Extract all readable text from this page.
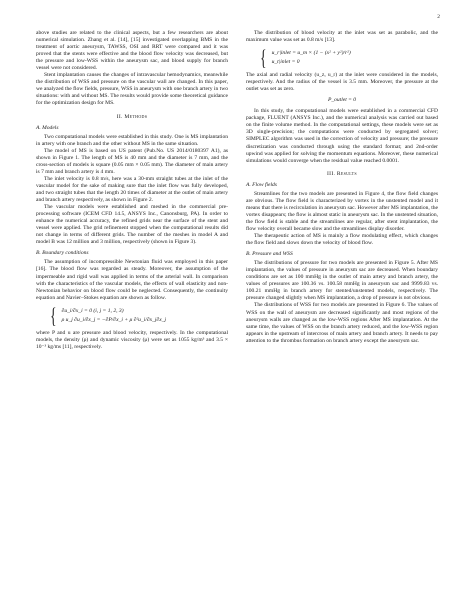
2

above studies are related to the clinical aspects, but a few researchers are about numerical simulation. Zhang et al. [14], [15] investigated overlapping BMS in the treatment of aortic aneurysm, TAWSS, OSI and RRT were compared and it was proved that the stents were effective and the blood flow velocity was decreased, but the pressure and low-WSS within the aneurysm sac, and blood supply for branch vessel were not considered.

Stent implantation causes the changes of intravascular hemodynamics, meanwhile the distribution of WSS and pressure on the vascular wall are changed. In this paper, we analyzed the flow fields, pressure, WSS in aneurysm with one branch artery in two situations: with and without MS. The results would provide some theoretical guidance for the optimization design for MS.

II. Methods
A. Models

Two computational models were established in this study. One is MS implantation in artery with one branch and the other without MS in the same situation.

The model of MS is based on US patent (Pub.No. US 2014/0180397 A1), as shown in Figure 1. The length of MS is 40 mm and the diameter is 7 mm, and the cross-section of models is square (0.05 mm × 0.05 mm). The diameter of main artery is 7 mm and branch artery is 4 mm.

The inlet velocity is 0.8 m/s, here was a 30-mm straight tubes at the inlet of the vascular model for the sake of making sure that the inlet flow was fully developed, and two straight tubes that the length 20 times of diameter at the outlet of main artery and branch artery respectively, as shown in Figure 2.

The vascular models were established and meshed in the commercial pre-processing software (ICEM CFD 14.5, ANSYS Inc., Canonsburg, PA). In order to enhance the numerical accuracy, the refined grids near the surface of the stent and vessel were applied. The grid refinement stopped when the computational results did not change in terms of different grids. The number of the meshes in model A and model B was 12 million and 3 million, respectively (shown in Figure 3).

B. Boundary conditions

The assumption of incompressible Newtonian fluid was employed in this paper [16]. The blood flow was regarded as steady. Moreover, the assumption of the impermeable and rigid wall was applied in terms of the arterial wall. In comparison with the characteristics of the vascular models, the effects of wall elasticity and non-Newtonian behavior on blood flow could be neglected. Consequently, the continuity equation and Navier–Stokes equation are shown as follow.

{ ∂u_i/∂x_i = 0 (i, j = 1, 2, 3)
ρ u_j ∂u_i/∂x_j = −∂P/∂x_i + μ ∂²u_i/∂x_j∂x_j

where P and u are pressure and blood velocity, respectively. In the computational models, the density (ρ) and dynamic viscosity (μ) were set as 1055 kg/m³ and 3.5 × 10⁻³ kg/ms [11], respectively.

The distribution of blood velocity at the inlet was set as parabolic, and the maximum value was set as 0.8 m/s [13].

{ u_r|inlet = u_m × (1 − (x² + y²)/r²)
u_t|inlet = 0

The axial and radial velocity (u_z, u_r) at the inlet were considered in the models, respectively. And the radius of the vessel is 3.5 mm. Moreover, the pressure at the outlet was set as zero.

P_outlet = 0

In this study, the computational models were established in a commercial CFD package, FLUENT (ANSYS Inc.), and the numerical analysis was carried out based on the finite volume method. In the computational settings, these models were set as 3D single-precision; the computations were conducted by segregated solver; SIMPLEC algorithm was used in the correction of velocity and pressure; the pressure discretization was conducted through using the standard format; and 2nd-order upwind was applied for solving the momentum equations. Moreover, these numerical simulations would converge when the residual value reached 0.0001.

III. Results
A. Flow fields

Streamlines for the two models are presented in Figure 4, the flow field changes are obvious. The flow field is characterized by vortex in the unstented model and it means that there is recirculation in aneurysm sac. However after MS implantation, the vortex disappears; the flow is almost static in aneurysm sac. In the unstented situation, the flow field is stable and the streamlines are regular, after stent implantation, the flow velocity overall became slow and the streamlines display disorder.

The therapeutic action of MS is mainly a flow modulating effect, which changes the flow field and slows down the velocity of blood flow.

B. Pressure and WSS

The distributions of pressure for two models are presented in Figure 5. After MS implantation, the values of pressure in aneurysm sac are decreased. When boundary conditions are set as 100 mmHg in the outlet of main artery and branch artery, the values of pressures are 100.36 vs. 100.58 mmHg in aneurysm sac and 9999.83 vs. 100.21 mmHg in branch artery for stented/unstented models, respectively. The pressure changed slightly when MS implantation, a drop of pressure is not obvious.

The distributions of WSS for two models are presented in Figure 6. The values of WSS on the wall of aneurysm are decreased significantly and most regions of the aneurysm walls are changed as the low-WSS regions After MS implantation. At the same time, the values of WSS on the branch artery reduced, and the low-WSS region appears in the upstream of intercross of main artery and branch artery. It needs to pay attention to the thrombus formation on branch artery except the aneurysm sac.
